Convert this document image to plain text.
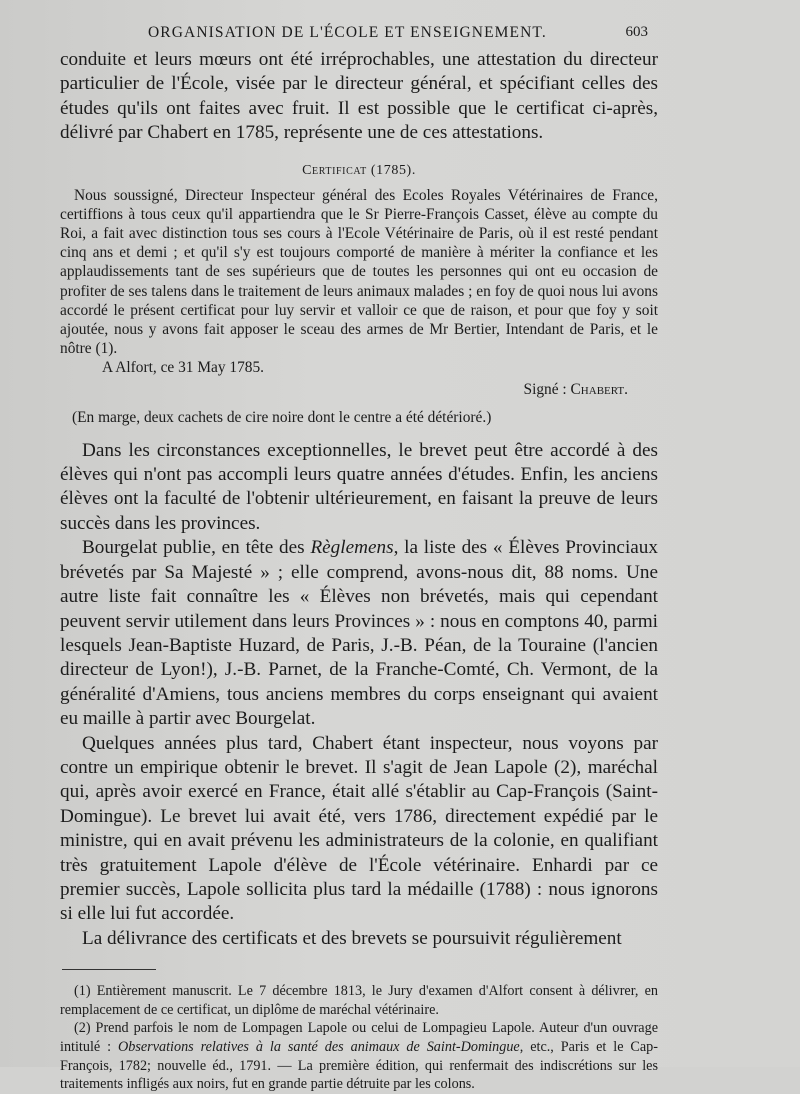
ORGANISATION DE L'ÉCOLE ET ENSEIGNEMENT.	603

conduite et leurs mœurs ont été irréprochables, une attestation du directeur particulier de l'École, visée par le directeur général, et spécifiant celles des études qu'ils ont faites avec fruit. Il est possible que le certificat ci-après, délivré par Chabert en 1785, représente une de ces attestations.

Certificat (1785).

Nous soussigné, Directeur Inspecteur général des Ecoles Royales Vétérinaires de France, certiffions à tous ceux qu'il appartiendra que le Sr Pierre-François Casset, élève au compte du Roi, a fait avec distinction tous ses cours à l'Ecole Vétérinaire de Paris, où il est resté pendant cinq ans et demi ; et qu'il s'y est toujours comporté de manière à mériter la confiance et les applaudissements tant de ses supérieurs que de toutes les personnes qui ont eu occasion de profiter de ses talens dans le traitement de leurs animaux malades ; en foy de quoi nous lui avons accordé le présent certificat pour luy servir et valloir ce que de raison, et pour que foy y soit ajoutée, nous y avons fait apposer le sceau des armes de Mr Bertier, Intendant de Paris, et le nôtre (1).

A Alfort, ce 31 May 1785.

Signé : Chabert.

(En marge, deux cachets de cire noire dont le centre a été détérioré.)

Dans les circonstances exceptionnelles, le brevet peut être accordé à des élèves qui n'ont pas accompli leurs quatre années d'études. Enfin, les anciens élèves ont la faculté de l'obtenir ultérieurement, en faisant la preuve de leurs succès dans les provinces.

Bourgelat publie, en tête des Règlemens, la liste des « Élèves Provinciaux brévetés par Sa Majesté » ; elle comprend, avons-nous dit, 88 noms. Une autre liste fait connaître les « Élèves non brévetés, mais qui cependant peuvent servir utilement dans leurs Provinces » : nous en comptons 40, parmi lesquels Jean-Baptiste Huzard, de Paris, J.-B. Péan, de la Touraine (l'ancien directeur de Lyon!), J.-B. Parnet, de la Franche-Comté, Ch. Vermont, de la généralité d'Amiens, tous anciens membres du corps enseignant qui avaient eu maille à partir avec Bourgelat.

Quelques années plus tard, Chabert étant inspecteur, nous voyons par contre un empirique obtenir le brevet. Il s'agit de Jean Lapole (2), maréchal qui, après avoir exercé en France, était allé s'établir au Cap-François (Saint-Domingue). Le brevet lui avait été, vers 1786, directement expédié par le ministre, qui en avait prévenu les administrateurs de la colonie, en qualifiant très gratuitement Lapole d'élève de l'École vétérinaire. Enhardi par ce premier succès, Lapole sollicita plus tard la médaille (1788) : nous ignorons si elle lui fut accordée.

La délivrance des certificats et des brevets se poursuivit régulièrement

(1) Entièrement manuscrit. Le 7 décembre 1813, le Jury d'examen d'Alfort consent à délivrer, en remplacement de ce certificat, un diplôme de maréchal vétérinaire.

(2) Prend parfois le nom de Lompagen Lapole ou celui de Lompagieu Lapole. Auteur d'un ouvrage intitulé : Observations relatives à la santé des animaux de Saint-Domingue, etc., Paris et le Cap-François, 1782; nouvelle éd., 1791. — La première édition, qui renfermait des indiscrétions sur les traitements infligés aux noirs, fut en grande partie détruite par les colons.
